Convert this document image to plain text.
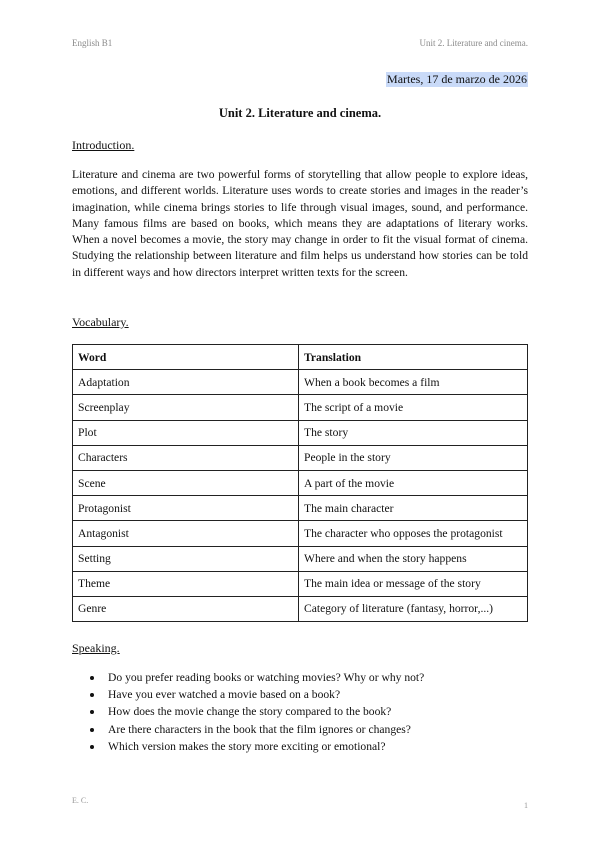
English B1	Unit 2. Literature and cinema.
Martes, 17 de marzo de 2026
Unit 2. Literature and cinema.
Introduction.

Literature and cinema are two powerful forms of storytelling that allow people to explore ideas, emotions, and different worlds. Literature uses words to create stories and images in the reader’s imagination, while cinema brings stories to life through visual images, sound, and performance. Many famous films are based on books, which means they are adaptations of literary works. When a novel becomes a movie, the story may change in order to fit the visual format of cinema. Studying the relationship between literature and film helps us understand how stories can be told in different ways and how directors interpret written texts for the screen.

Vocabulary.
Word	Translation
Adaptation	When a book becomes a film
Screenplay	The script of a movie
Plot	The story
Characters	People in the story
Scene	A part of the movie
Protagonist	The main character
Antagonist	The character who opposes the protagonist
Setting	Where and when the story happens
Theme	The main idea or message of the story
Genre	Category of literature (fantasy, horror,...)
Speaking.
Do you prefer reading books or watching movies? Why or why not?
Have you ever watched a movie based on a book?
How does the movie change the story compared to the book?
Are there characters in the book that the film ignores or changes?
Which version makes the story more exciting or emotional?
E. C.
1
